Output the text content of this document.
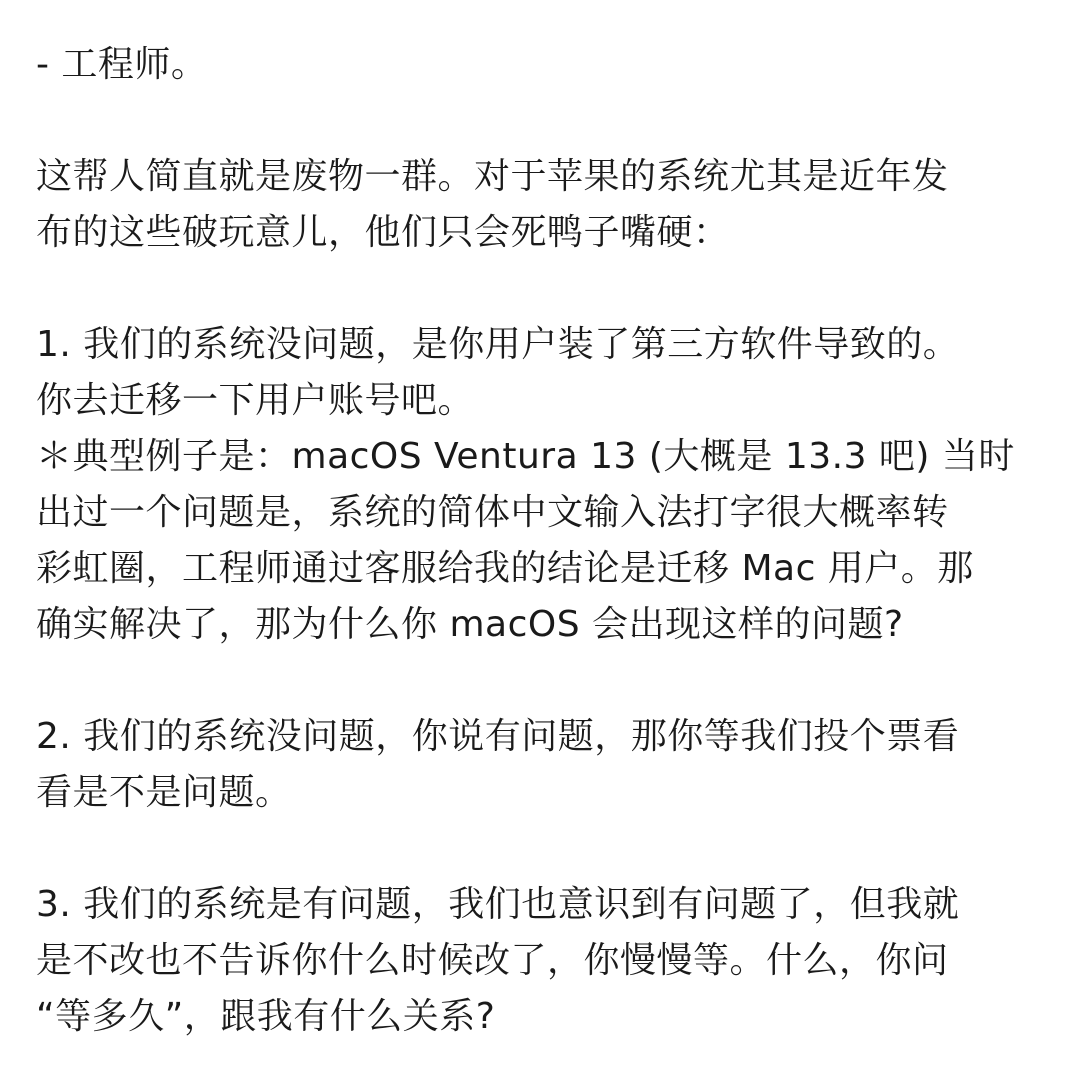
- 工程师。
这帮人简直就是废物一群。对于苹果的系统尤其是近年发
布的这些破玩意儿，他们只会死鸭子嘴硬：
1. 我们的系统没问题，是你用户装了第三方软件导致的。
你去迁移一下用户账号吧。
＊典型例子是：macOS Ventura 13 (大概是 13.3 吧) 当时
出过一个问题是，系统的简体中文输入法打字很大概率转
彩虹圈，工程师通过客服给我的结论是迁移 Mac 用户。那
确实解决了，那为什么你 macOS 会出现这样的问题?
2. 我们的系统没问题，你说有问题，那你等我们投个票看
看是不是问题。
3. 我们的系统是有问题，我们也意识到有问题了，但我就
是不改也不告诉你什么时候改了，你慢慢等。什么，你问
“等多久”，跟我有什么关系?
